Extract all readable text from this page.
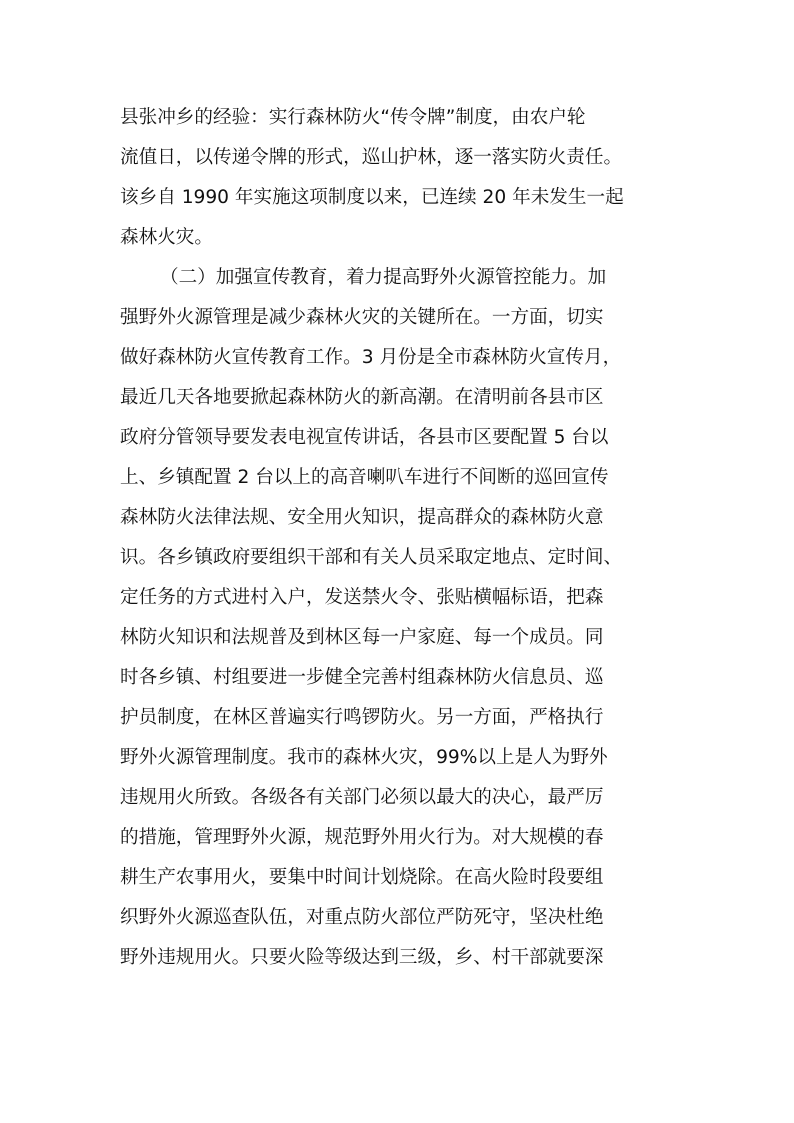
县张冲乡的经验：实行森林防火“传令牌”制度，由农户轮
流值日，以传递令牌的形式，巡山护林，逐一落实防火责任。
该乡自 1990 年实施这项制度以来，已连续 20 年未发生一起
森林火灾。
（二）加强宣传教育，着力提高野外火源管控能力。加
强野外火源管理是减少森林火灾的关键所在。一方面，切实
做好森林防火宣传教育工作。3 月份是全市森林防火宣传月，
最近几天各地要掀起森林防火的新高潮。在清明前各县市区
政府分管领导要发表电视宣传讲话，各县市区要配置 5 台以
上、乡镇配置 2 台以上的高音喇叭车进行不间断的巡回宣传
森林防火法律法规、安全用火知识，提高群众的森林防火意
识。各乡镇政府要组织干部和有关人员采取定地点、定时间、
定任务的方式进村入户，发送禁火令、张贴横幅标语，把森
林防火知识和法规普及到林区每一户家庭、每一个成员。同
时各乡镇、村组要进一步健全完善村组森林防火信息员、巡
护员制度，在林区普遍实行鸣锣防火。另一方面，严格执行
野外火源管理制度。我市的森林火灾，99%以上是人为野外
违规用火所致。各级各有关部门必须以最大的决心，最严厉
的措施，管理野外火源，规范野外用火行为。对大规模的春
耕生产农事用火，要集中时间计划烧除。在高火险时段要组
织野外火源巡查队伍，对重点防火部位严防死守，坚决杜绝
野外违规用火。只要火险等级达到三级，乡、村干部就要深
